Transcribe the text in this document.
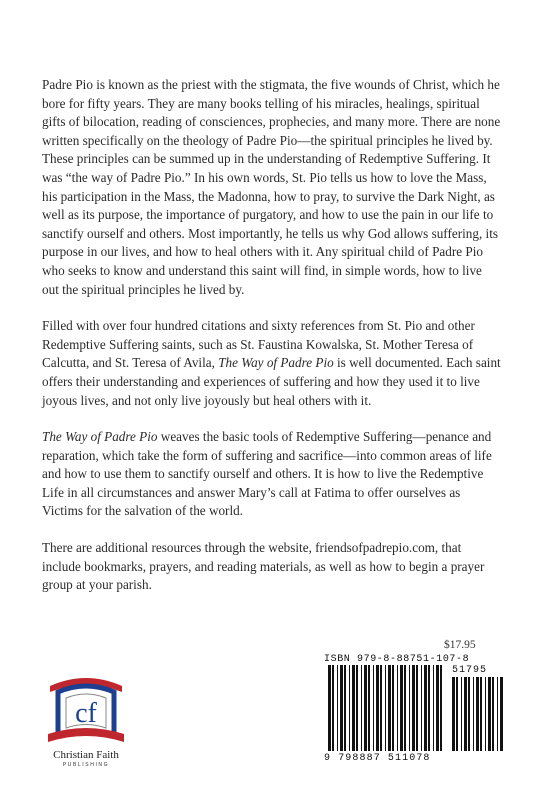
Padre Pio is known as the priest with the stigmata, the five wounds of Christ, which he bore for fifty years. They are many books telling of his miracles, healings, spiritual gifts of bilocation, reading of consciences, prophecies, and many more. There are none written specifically on the theology of Padre Pio—the spiritual principles he lived by. These principles can be summed up in the understanding of Redemptive Suffering. It was “the way of Padre Pio.” In his own words, St. Pio tells us how to love the Mass, his participation in the Mass, the Madonna, how to pray, to survive the Dark Night, as well as its purpose, the importance of purgatory, and how to use the pain in our life to sanctify ourself and others. Most importantly, he tells us why God allows suffering, its purpose in our lives, and how to heal others with it. Any spiritual child of Padre Pio who seeks to know and understand this saint will find, in simple words, how to live out the spiritual principles he lived by.

Filled with over four hundred citations and sixty references from St. Pio and other Redemptive Suffering saints, such as St. Faustina Kowalska, St. Mother Teresa of Calcutta, and St. Teresa of Avila, The Way of Padre Pio is well documented. Each saint offers their understanding and experiences of suffering and how they used it to live joyous lives, and not only live joyously but heal others with it.

The Way of Padre Pio weaves the basic tools of Redemptive Suffering—penance and reparation, which take the form of suffering and sacrifice—into common areas of life and how to use them to sanctify ourself and others. It is how to live the Redemptive Life in all circumstances and answer Mary’s call at Fatima to offer ourselves as Victims for the salvation of the world.

There are additional resources through the website, friendsofpadrepio.com, that include bookmarks, prayers, and reading materials, as well as how to begin a prayer group at your parish.

cf
Christian Faith
PUBLISHING
$17.95
ISBN 979-8-88751-107-8
51795
9 798887 511078
